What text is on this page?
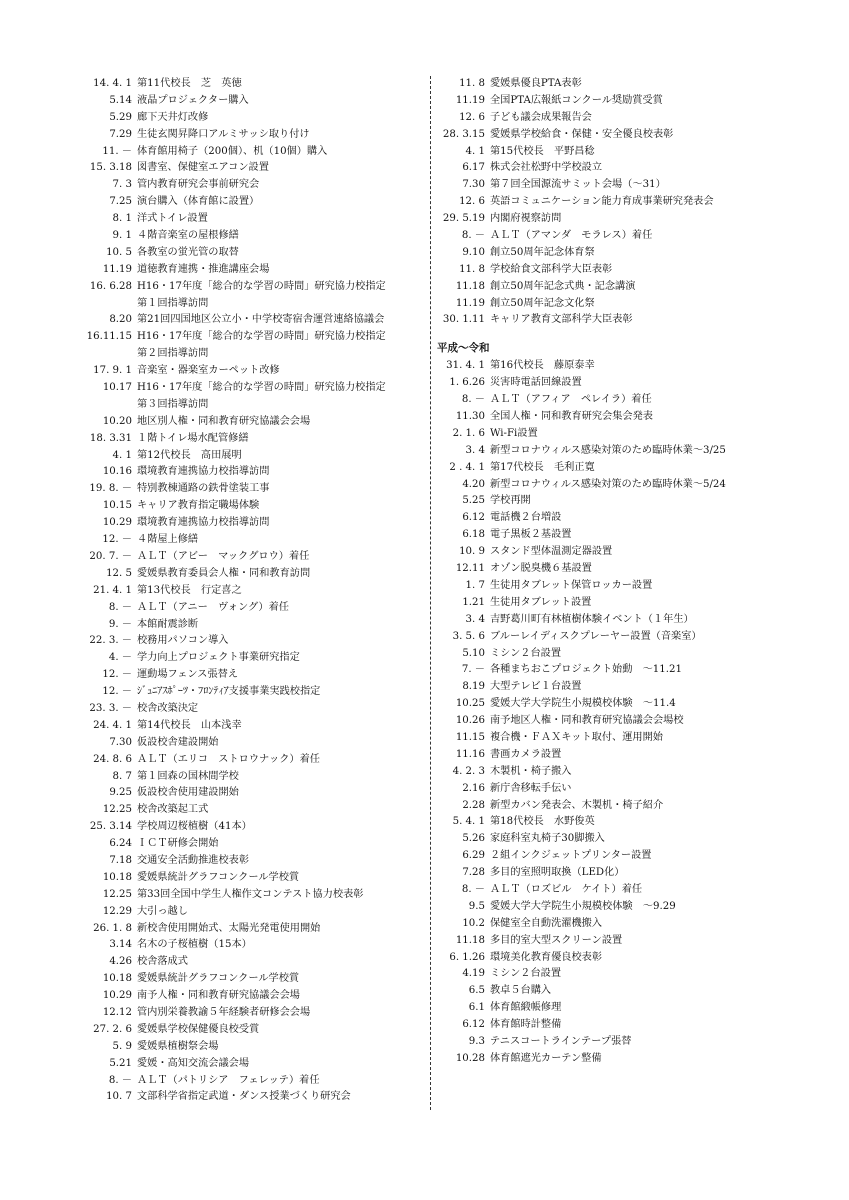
14. 4. 1 第11代校長　芝　英徳
5.14 液晶プロジェクター購入
5.29 廊下天井灯改修
7.29 生徒玄関昇降口アルミサッシ取り付け
11. － 体育館用椅子（200個）、机（10個）購入
15. 3.18 図書室、保健室エアコン設置
7. 3 管内教育研究会事前研究会
7.25 演台購入（体育館に設置）
8. 1 洋式トイレ設置
9. 1 ４階音楽室の屋根修繕
10. 5 各教室の蛍光管の取替
11.19 道徳教育連携・推進講座会場
16. 6.28 H16・17年度「総合的な学習の時間」研究協力校指定
第１回指導訪問
8.20 第21回四国地区公立小・中学校寄宿舎運営連絡協議会
16.11.15 H16・17年度「総合的な学習の時間」研究協力校指定
第２回指導訪問
17. 9. 1 音楽室・器楽室カーペット改修
10.17 H16・17年度「総合的な学習の時間」研究協力校指定
第３回指導訪問
10.20 地区別人権・同和教育研究協議会会場
18. 3.31 １階トイレ場水配管修繕
4. 1 第12代校長　高田展明
10.16 環境教育連携協力校指導訪問
19. 8. － 特別教棟通路の鉄骨塗装工事
10.15 キャリア教育指定職場体験
10.29 環境教育連携協力校指導訪問
12. － ４階屋上修繕
20. 7. － ＡＬＴ（アビー　マックグロウ）着任
12. 5 愛媛県教育委員会人権・同和教育訪問
21. 4. 1 第13代校長　行定喜之
8. － ＡＬＴ（アニー　ヴォング）着任
9. － 本館耐震診断
22. 3. － 校務用パソコン導入
4. － 学力向上プロジェクト事業研究指定
12. － 運動場フェンス張替え
12. － ｼﾞｭﾆｱｽﾎﾟｰﾂ・ﾌﾛﾝﾃｨｱ支援事業実践校指定
23. 3. － 校舎改築決定
24. 4. 1 第14代校長　山本浅幸
7.30 仮設校舎建設開始
24. 8. 6 ＡＬＴ（エリコ　ストロウナック）着任
8. 7 第１回森の国林間学校
9.25 仮設校舎使用建設開始
12.25 校舎改築起工式
25. 3.14 学校周辺桜植樹（41本）
6.24 ＩＣＴ研修会開始
7.18 交通安全活動推進校表彰
10.18 愛媛県統計グラフコンクール学校賞
12.25 第33回全国中学生人権作文コンテスト協力校表彰
12.29 大引っ越し
26. 1. 8 新校舎使用開始式、太陽光発電使用開始
3.14 名木の子桜植樹（15本）
4.26 校舎落成式
10.18 愛媛県統計グラフコンクール学校賞
10.29 南予人権・同和教育研究協議会会場
12.12 管内別栄養教諭５年経験者研修会会場
27. 2. 6 愛媛県学校保健優良校受賞
5. 9 愛媛県植樹祭会場
5.21 愛媛・高知交流会議会場
8. － ＡＬＴ（パトリシア　フェレッテ）着任
10. 7 文部科学省指定武道・ダンス授業づくり研究会
11. 8 愛媛県優良PTA表彰
11.19 全国PTA広報紙コンクール奨励賞受賞
12. 6 子ども議会成果報告会
28. 3.15 愛媛県学校給食・保健・安全優良校表彰
4. 1 第15代校長　平野昌稔
6.17 株式会社松野中学校設立
7.30 第７回全国源流サミット会場（～31）
12. 6 英語コミュニケーション能力育成事業研究発表会
29. 5.19 内閣府視察訪問
8. － ＡＬＴ（アマンダ　モラレス）着任
9.10 創立50周年記念体育祭
11. 8 学校給食文部科学大臣表彰
11.18 創立50周年記念式典・記念講演
11.19 創立50周年記念文化祭
30. 1.11 キャリア教育文部科学大臣表彰
平成～令和
31. 4. 1 第16代校長　藤原泰幸
1. 6.26 災害時電話回線設置
8. － ＡＬＴ（アフィア　ペレイラ）着任
11.30 全国人権・同和教育研究会集会発表
2. 1. 6 Wi-Fi設置
3. 4 新型コロナウィルス感染対策のため臨時休業～3/25
2 . 4. 1 第17代校長　毛利正寛
4.20 新型コロナウィルス感染対策のため臨時休業～5/24
5.25 学校再開
6.12 電話機２台増設
6.18 電子黒板２基設置
10. 9 スタンド型体温測定器設置
12.11 オゾン脱臭機６基設置
1. 7 生徒用タブレット保管ロッカー設置
1.21 生徒用タブレット設置
3. 4 吉野葛川町有林植樹体験イベント（１年生）
3. 5. 6 ブルーレイディスクプレーヤー設置（音楽室）
5.10 ミシン２台設置
7. － 各種まちおこプロジェクト始動　～11.21
8.19 大型テレビ１台設置
10.25 愛媛大学大学院生小規模校体験　～11.4
10.26 南予地区人権・同和教育研究協議会会場校
11.15 複合機・ＦＡＸキット取付、運用開始
11.16 書画カメラ設置
4. 2. 3 木製机・椅子搬入
2.16 新庁舎移転手伝い
2.28 新型カバン発表会、木製机・椅子紹介
5. 4. 1 第18代校長　水野俊英
5.26 家庭科室丸椅子30脚搬入
6.29 ２組インクジェットプリンター設置
7.28 多目的室照明取換（LED化）
8. － ＡＬＴ（ロズビル　ケイト）着任
9.5 愛媛大学大学院生小規模校体験　～9.29
10.2 保健室全自動洗濯機搬入
11.18 多目的室大型スクリーン設置
6. 1.26 環境美化教育優良校表彰
4.19 ミシン２台設置
6.5 教卓５台購入
6.1 体育館緞帳修理
6.12 体育館時計整備
9.3 テニスコートラインテープ張替
10.28 体育館遮光カーテン整備
